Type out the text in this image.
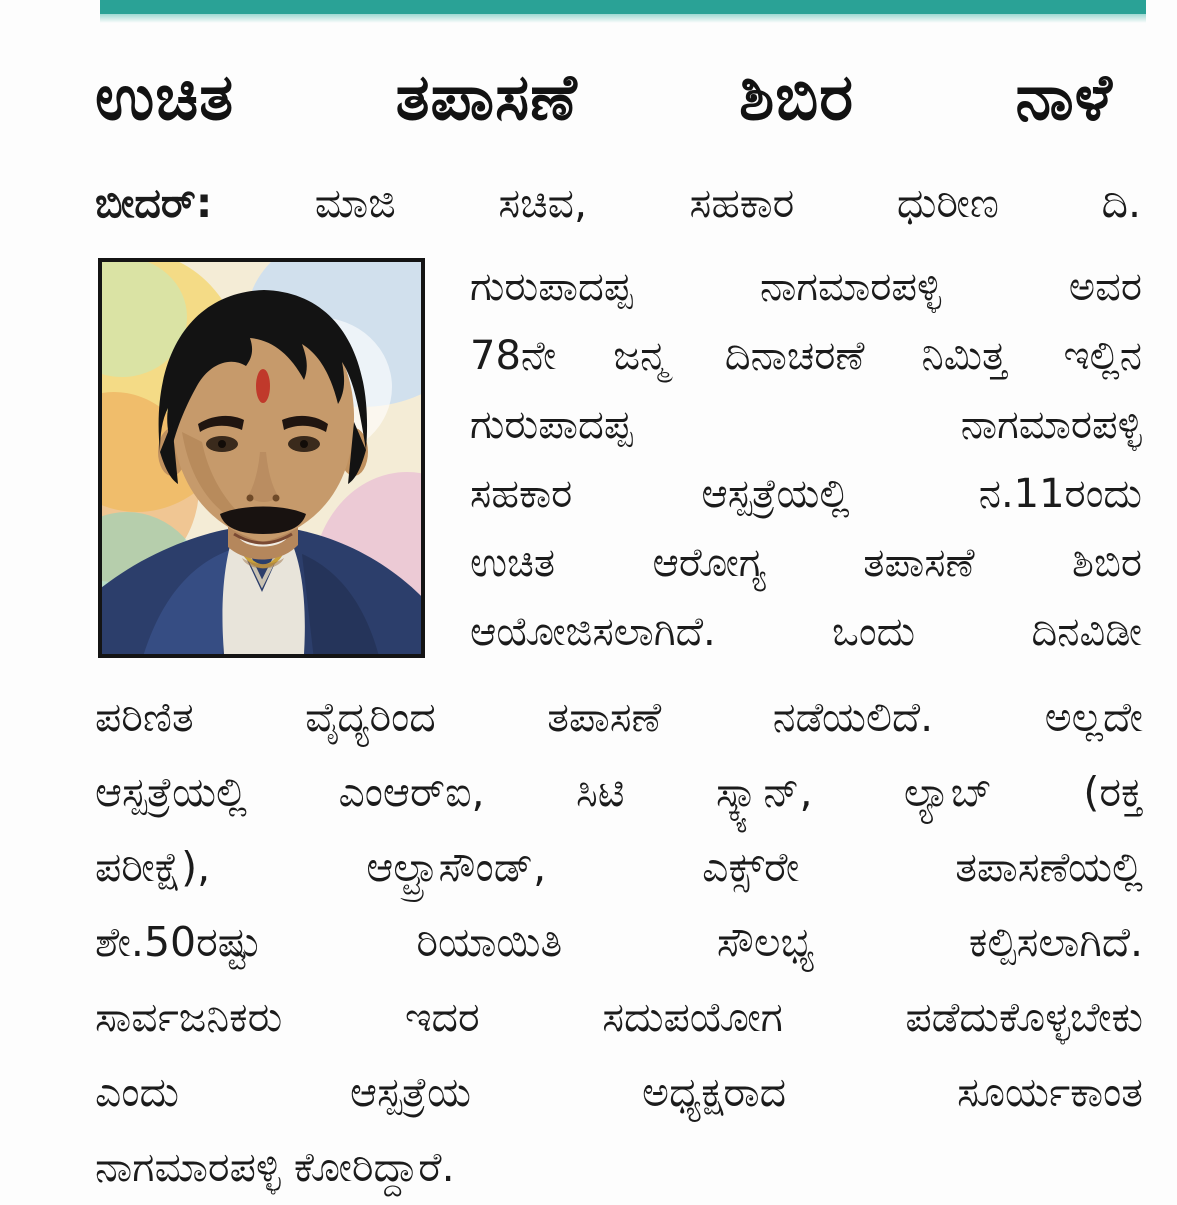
ಉಚಿತ ತಪಾಸಣೆ ಶಿಬಿರ ನಾಳೆ
ಬೀದರ್:	ಮಾಜಿ ಸಚಿವ, ಸಹಕಾರ ಧುರೀಣ ದಿ.
ಗುರುಪಾದಪ್ಪ ನಾಗಮಾರಪಳ್ಳಿ ಅವರ
78ನೇ ಜನ್ಮ ದಿನಾಚರಣೆ ನಿಮಿತ್ತ ಇಲ್ಲಿನ
ಗುರುಪಾದಪ್ಪ ನಾಗಮಾರಪಳ್ಳಿ
ಸಹಕಾರ ಆಸ್ಪತ್ರೆಯಲ್ಲಿ ನ.11ರಂದು
ಉಚಿತ ಆರೋಗ್ಯ ತಪಾಸಣೆ ಶಿಬಿರ
ಆಯೋಜಿಸಲಾಗಿದೆ. ಒಂದು ದಿನವಿಡೀ
ಪರಿಣಿತ ವೈದ್ಯರಿಂದ ತಪಾಸಣೆ ನಡೆಯಲಿದೆ. ಅಲ್ಲದೇ
ಆಸ್ಪತ್ರೆಯಲ್ಲಿ ಎಂಆರ್‌ಐ, ಸಿಟಿ ಸ್ಕ್ಯಾನ್, ಲ್ಯಾಬ್ (ರಕ್ತ
ಪರೀಕ್ಷೆ), ಆಲ್ಟ್ರಾಸೌಂಡ್, ಎಕ್ಸ್‌ರೇ ತಪಾಸಣೆಯಲ್ಲಿ
ಶೇ.50ರಷ್ಟು ರಿಯಾಯಿತಿ ಸೌಲಭ್ಯ ಕಲ್ಪಿಸಲಾಗಿದೆ.
ಸಾರ್ವಜನಿಕರು ಇದರ ಸದುಪಯೋಗ ಪಡೆದುಕೊಳ್ಳಬೇಕು
ಎಂದು ಆಸ್ಪತ್ರೆಯ ಅಧ್ಯಕ್ಷರಾದ ಸೂರ್ಯಕಾಂತ
ನಾಗಮಾರಪಳ್ಳಿ ಕೋರಿದ್ದಾರೆ.
